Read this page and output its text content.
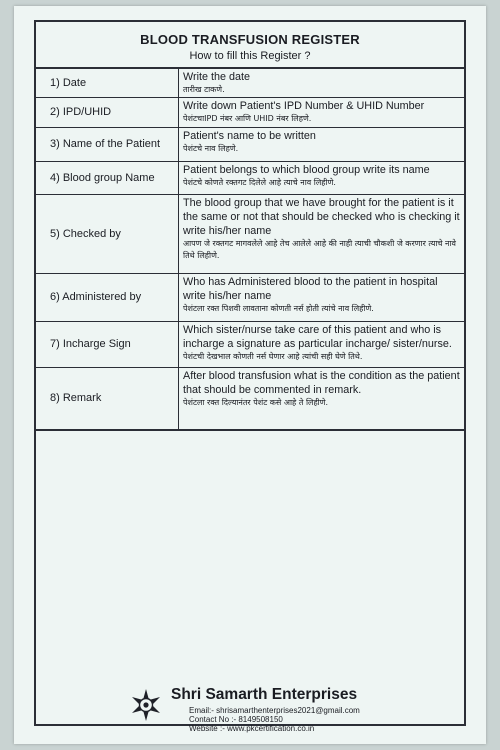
BLOOD TRANSFUSION REGISTER
How to fill this Register ?
1) Date	Write the date
तारीख टाकणे.

2) IPD/UHID	Write down Patient's IPD Number & UHID Number
पेशंटचाIPD नंबर आणि UHID नंबर लिहणे.

3) Name of the Patient	Patient's name to be written
पेशंटचे नाव लिहणे.

4) Blood group Name	Patient belongs to which blood group write its name
पेशंटचे कोणते रक्तगट दिलेले आहे त्याचे नाव लिहीणे.

5) Checked by	The blood group that we have brought for the patient is it the same or not that should be checked who is checking it write his/her name
आपण जे रक्तगट मागवलेले आहे तेच आलेले आहे की नाही त्याची चौकशी जे करणार त्याचे नावे तिथे लिहीणे.

6) Administered by	Who has Administered blood to the patient in hospital write his/her name
पेशंटला रक्त पिशवी लावताना कोणती नर्स होती त्यांचे नाव लिहीणे.

7) Incharge Sign	Which sister/nurse take care of this patient and who is incharge a signature as particular incharge/ sister/nurse.
पेशंटची देखभाल कोणती नर्स घेणार आहे त्यांची सही घेणे तिथे.

8) Remark	After blood transfusion what is the condition as the patient that should be commented in remark.
पेशंटला रक्त दिल्यानंतर पेशंट कसे आहे ते लिहीणे.
Shri Samarth Enterprises
Email:- shrisamarthenterprises2021@gmail.com
Contact No :- 8149508150
Website :- www.pkcertification.co.in
